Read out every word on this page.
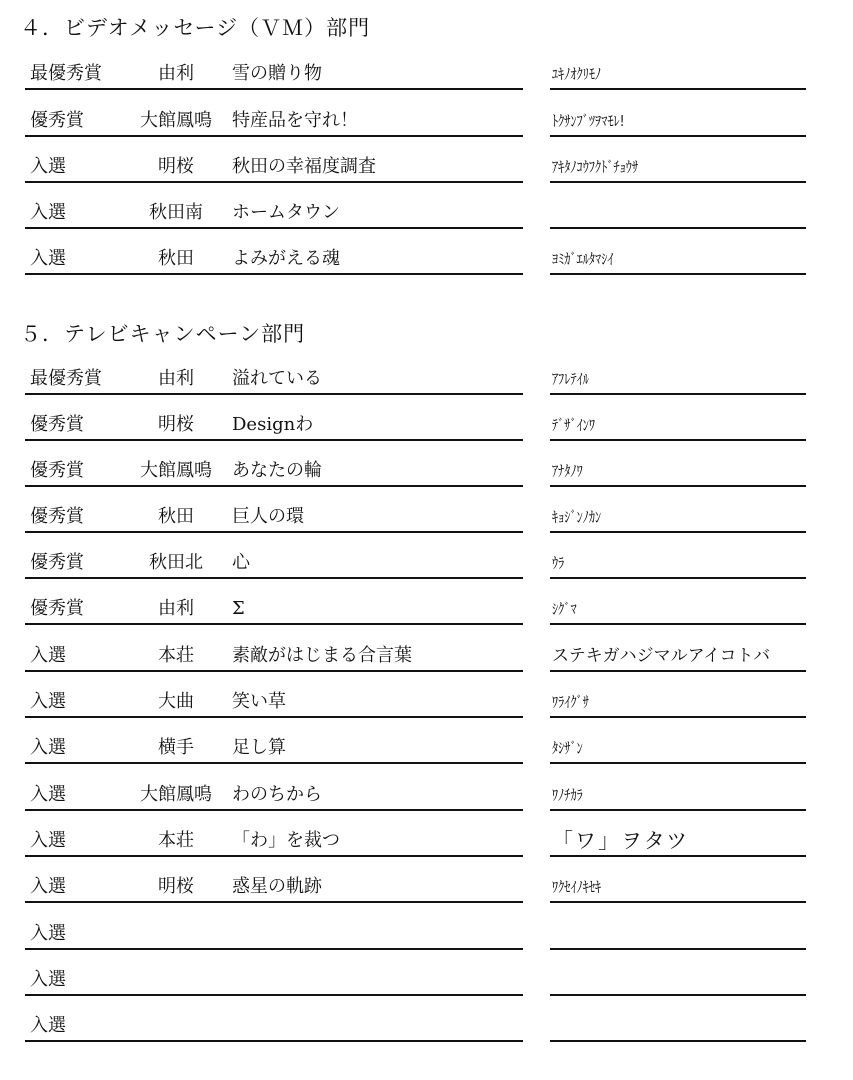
４．ビデオメッセージ（ＶＭ）部門
最優秀賞	由利	雪の贈り物	ﾕｷﾉｵｸﾘﾓﾉ
優秀賞	大館鳳鳴	特産品を守れ！	ﾄｸｻﾝﾌﾞﾂｦﾏﾓﾚ!
入選	明桜	秋田の幸福度調査	ｱｷﾀﾉｺｳﾌｸﾄﾞﾁｮｳｻ
入選	秋田南	ホームタウン
入選	秋田	よみがえる魂	ﾖﾐｶﾞｴﾙﾀﾏｼｲ
５．テレビキャンペーン部門
最優秀賞	由利	溢れている	ｱﾌﾚﾃｲﾙ
優秀賞	明桜	Designわ	ﾃﾞｻﾞｲﾝﾜ
優秀賞	大館鳳鳴	あなたの輪	ｱﾅﾀﾉﾜ
優秀賞	秋田	巨人の環	ｷｮｼﾞﾝﾉｶﾝ
優秀賞	秋田北	心	ｳﾗ
優秀賞	由利	Σ	ｼｸﾞﾏ
入選	本荘	素敵がはじまる合言葉	ステキガハジマルアイコトバ
入選	大曲	笑い草	ﾜﾗｲｸﾞｻ
入選	横手	足し算	ﾀｼｻﾞﾝ
入選	大館鳳鳴	わのちから	ﾜﾉﾁｶﾗ
入選	本荘	「わ」を裁つ	「ワ」ヲタツ
入選	明桜	惑星の軌跡	ﾜｸｾｲﾉｷｾｷ
入選
入選
入選
